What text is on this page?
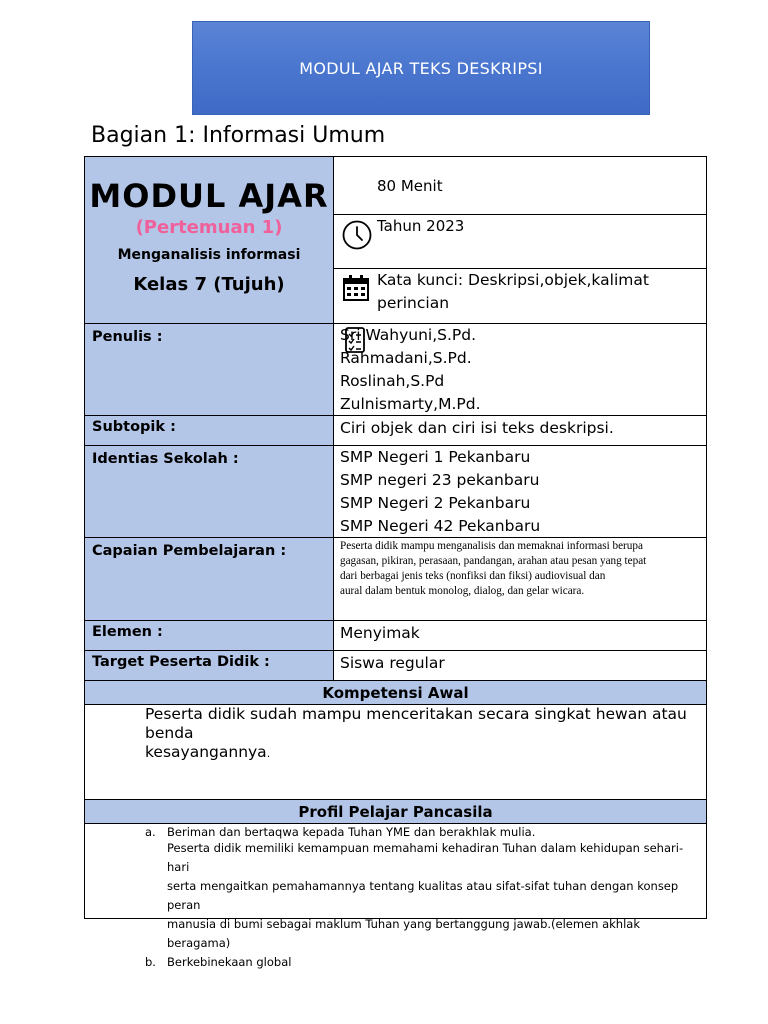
MODUL AJAR TEKS DESKRIPSI
Bagian 1: Informasi Umum
MODUL AJAR
(Pertemuan 1)
Menganalisis informasi
Kelas 7 (Tujuh)
80 Menit
Tahun 2023
Kata kunci: Deskripsi,objek,kalimat
perincian
Penulis :	Sri Wahyuni,S.Pd.
Rahmadani,S.Pd.
Roslinah,S.Pd
Zulnismarty,M.Pd.
Subtopik :	Ciri objek dan ciri isi teks deskripsi.
Identias Sekolah :	SMP Negeri 1 Pekanbaru
SMP negeri 23 pekanbaru
SMP Negeri 2 Pekanbaru
SMP Negeri 42 Pekanbaru
Capaian Pembelajaran :	Peserta didik mampu menganalisis dan memaknai informasi berupa
gagasan, pikiran, perasaan, pandangan, arahan atau pesan yang tepat
dari berbagai jenis teks (nonfiksi dan fiksi) audiovisual dan
aural dalam bentuk monolog, dialog, dan gelar wicara.
Elemen :	Menyimak
Target Peserta Didik :	Siswa regular
Kompetensi Awal
Peserta didik sudah mampu menceritakan secara singkat hewan atau benda
kesayangannya.
Profil Pelajar Pancasila
a. Beriman dan bertaqwa kepada Tuhan YME dan berakhlak mulia.
Peserta didik memiliki kemampuan memahami kehadiran Tuhan dalam kehidupan sehari-hari
serta mengaitkan pemahamannya tentang kualitas atau sifat-sifat tuhan dengan konsep peran
manusia di bumi sebagai maklum Tuhan yang bertanggung jawab.(elemen akhlak beragama)
b. Berkebinekaan global
